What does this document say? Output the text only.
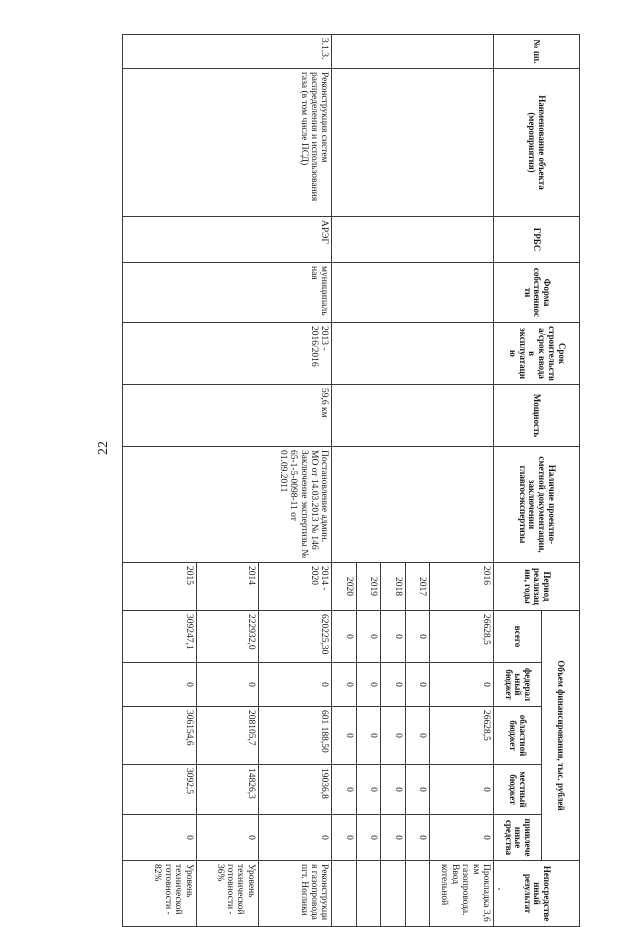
22
№ пп.	Наименование объекта (мероприятия)	ГРБС	Форма собственности	Срок строительства/срок ввода в эксплуатацию	Мощность	Наличие проектно-сметной документации, заключения главгосэкспертизы	Период реализации, годы	Объем финансирования, тыс. рублей					Непосредственный результат
								всего	федеральный бюджет	областной бюджет	местный бюджет	привлеченные средства	
							2016	26628,5	0	26628,5	0	0	Прокладка 3,6 км газопровода. Ввод котельной
							2017	0	0	0	0	0	
							2018	0	0	0	0	0	
							2019	0	0	0	0	0	
							2020	0	0	0	0	0	
3.1.3.	Реконструкция систем распределения и использования газа (в том числе ПСД)	АРЭГ	муниципальная	2013 - 2016/2016	59,6 км	Постановление админ. МО от 14.03.2013 № 146 Заключение экспертизы № 65-1-5-0098-11 от 01.09.2011	2014 - 2020	620225,30	0	601 188,50	19036,8	0	Реконструкция газопровода пгт. Ноглики
							2014	222932,0	0	208105,7	14826,3	0	Уровень технической готовности - 36%
							2015	309247,1	0	306154,6	3092,5	0	Уровень технической готовности - 82%
